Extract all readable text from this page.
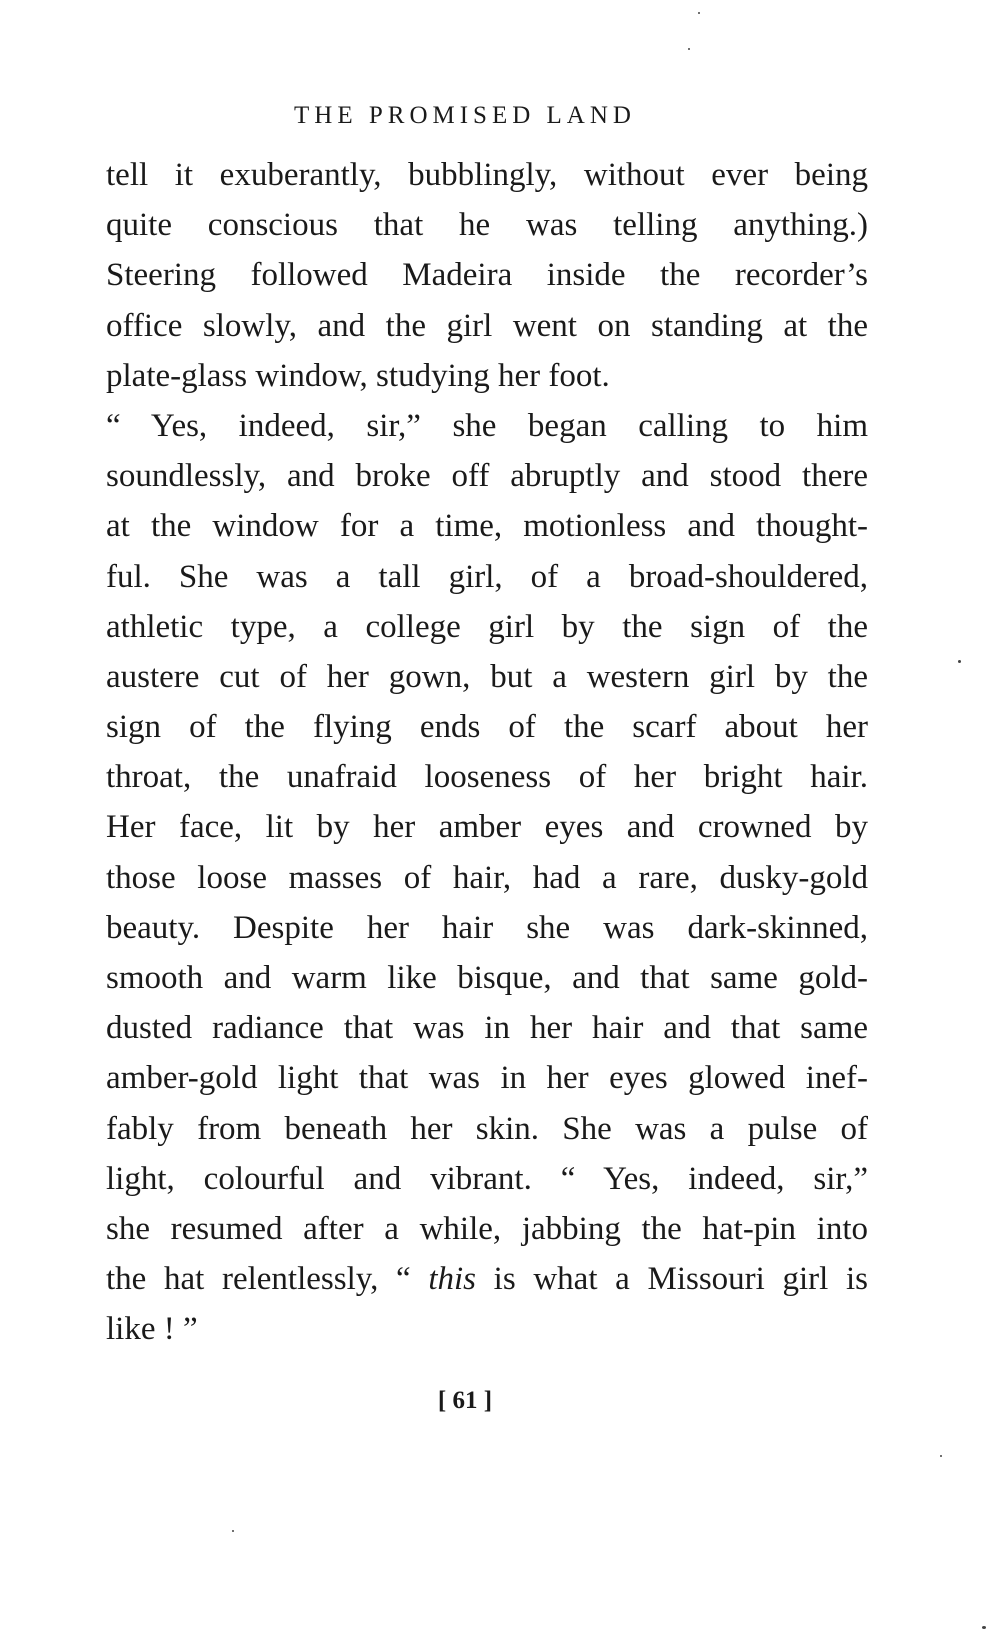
THE PROMISED LAND
tell it exuberantly, bubblingly, without ever being
quite conscious that he was telling anything.)
Steering followed Madeira inside the recorder’s
office slowly, and the girl went on standing at the
plate-glass window, studying her foot.
“ Yes, indeed, sir,” she began calling to him
soundlessly, and broke off abruptly and stood there
at the window for a time, motionless and thought-
ful. She was a tall girl, of a broad-shouldered,
athletic type, a college girl by the sign of the
austere cut of her gown, but a western girl by the
sign of the flying ends of the scarf about her
throat, the unafraid looseness of her bright hair.
Her face, lit by her amber eyes and crowned by
those loose masses of hair, had a rare, dusky-gold
beauty. Despite her hair she was dark-skinned,
smooth and warm like bisque, and that same gold-
dusted radiance that was in her hair and that same
amber-gold light that was in her eyes glowed inef-
fably from beneath her skin. She was a pulse of
light, colourful and vibrant. “ Yes, indeed, sir,”
she resumed after a while, jabbing the hat-pin into
the hat relentlessly, “ this is what a Missouri girl is
like ! ”
[ 61 ]
